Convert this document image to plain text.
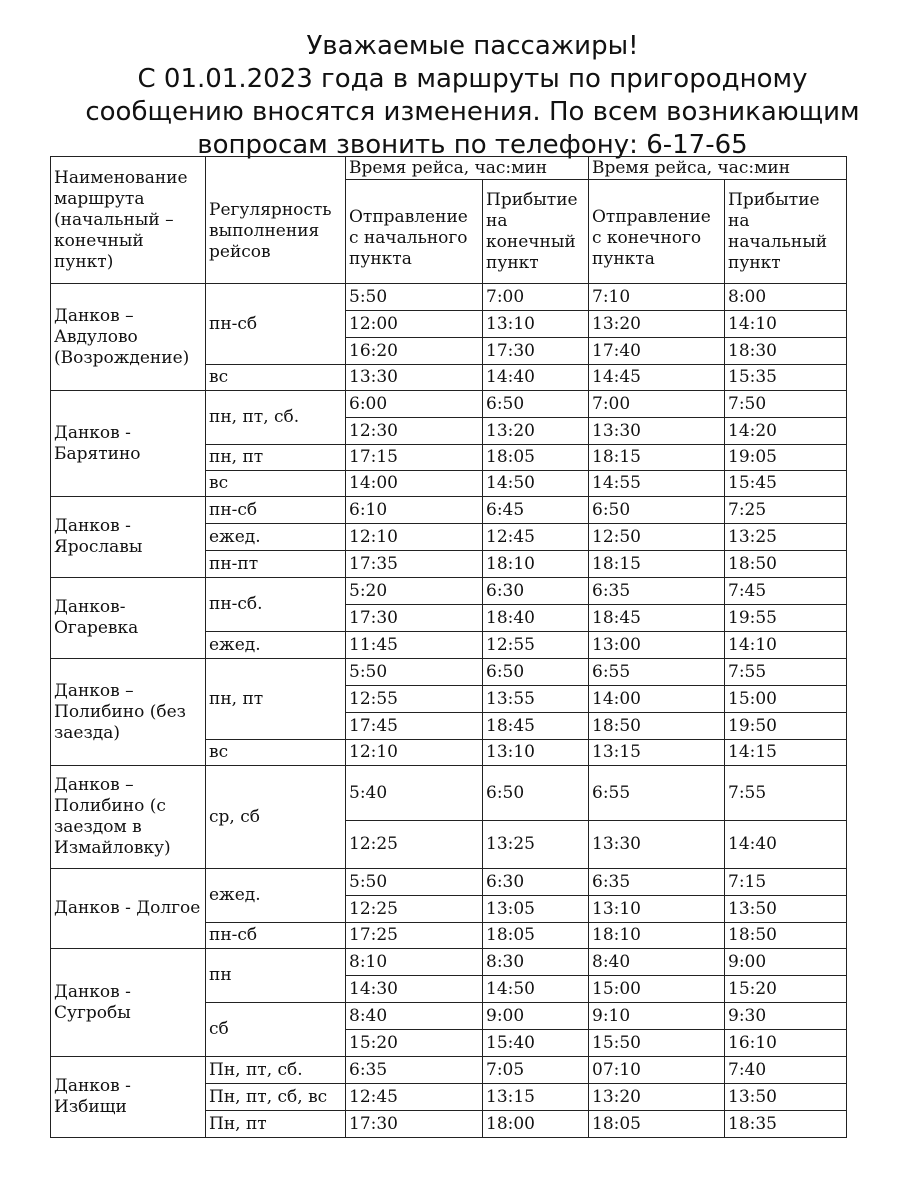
Уважаемые пассажиры!
С 01.01.2023 года в маршруты по пригородному
сообщению вносятся изменения. По всем возникающим
вопросам звонить по телефону: 6-17-65
Наименование маршрута (начальный – конечный пункт)	Регулярность выполнения рейсов	Время рейса, час:мин		Время рейса, час:мин	
		Отправление с начального пункта	Прибытие на конечный пункт	Отправление с конечного пункта	Прибытие на начальный пункт
Данков – Авдулово (Возрождение)	пн-сб	5:50	7:00	7:10	8:00
		12:00	13:10	13:20	14:10
		16:20	17:30	17:40	18:30
	вс	13:30	14:40	14:45	15:35
Данков - Барятино	пн, пт, сб.	6:00	6:50	7:00	7:50
		12:30	13:20	13:30	14:20
	пн, пт	17:15	18:05	18:15	19:05
	вс	14:00	14:50	14:55	15:45
Данков - Ярославы	пн-сб	6:10	6:45	6:50	7:25
	ежед.	12:10	12:45	12:50	13:25
	пн-пт	17:35	18:10	18:15	18:50
Данков- Огаревка	пн-сб.	5:20	6:30	6:35	7:45
		17:30	18:40	18:45	19:55
	ежед.	11:45	12:55	13:00	14:10
Данков – Полибино (без заезда)	пн, пт	5:50	6:50	6:55	7:55
		12:55	13:55	14:00	15:00
		17:45	18:45	18:50	19:50
	вс	12:10	13:10	13:15	14:15
Данков – Полибино (с заездом в Измайловку)	ср, сб	5:40	6:50	6:55	7:55
		12:25	13:25	13:30	14:40
Данков - Долгое	ежед.	5:50	6:30	6:35	7:15
		12:25	13:05	13:10	13:50
	пн-сб	17:25	18:05	18:10	18:50
Данков - Сугробы	пн	8:10	8:30	8:40	9:00
		14:30	14:50	15:00	15:20
	сб	8:40	9:00	9:10	9:30
		15:20	15:40	15:50	16:10
Данков - Избищи	Пн, пт, сб.	6:35	7:05	07:10	7:40
	Пн, пт, сб, вс	12:45	13:15	13:20	13:50
	Пн, пт	17:30	18:00	18:05	18:35
